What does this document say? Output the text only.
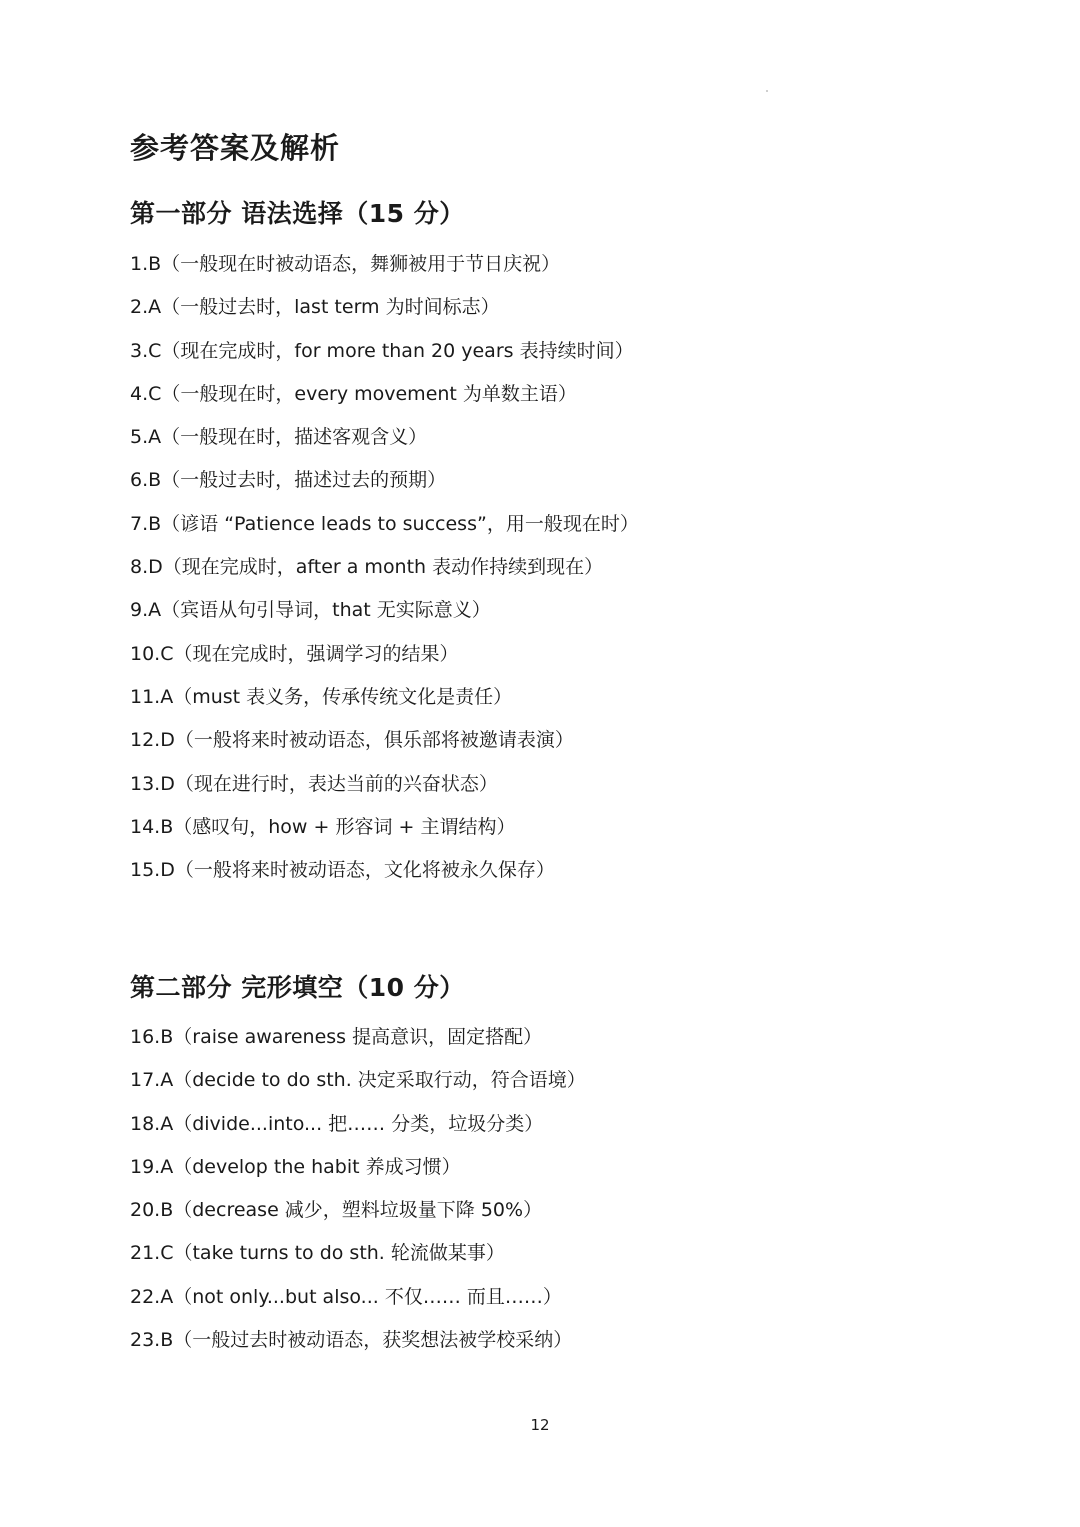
参考答案及解析
第一部分 语法选择（15 分）
1.B（一般现在时被动语态，舞狮被用于节日庆祝）
2.A（一般过去时，last term 为时间标志）
3.C（现在完成时，for more than 20 years 表持续时间）
4.C（一般现在时，every movement 为单数主语）
5.A（一般现在时，描述客观含义）
6.B（一般过去时，描述过去的预期）
7.B（谚语 “Patience leads to success”，用一般现在时）
8.D（现在完成时，after a month 表动作持续到现在）
9.A（宾语从句引导词，that 无实际意义）
10.C（现在完成时，强调学习的结果）
11.A（must 表义务，传承传统文化是责任）
12.D（一般将来时被动语态，俱乐部将被邀请表演）
13.D（现在进行时，表达当前的兴奋状态）
14.B（感叹句，how + 形容词 + 主谓结构）
15.D（一般将来时被动语态，文化将被永久保存）
第二部分 完形填空（10 分）
16.B（raise awareness 提高意识，固定搭配）
17.A（decide to do sth. 决定采取行动，符合语境）
18.A（divide...into... 把…… 分类，垃圾分类）
19.A（develop the habit 养成习惯）
20.B（decrease 减少，塑料垃圾量下降 50%）
21.C（take turns to do sth. 轮流做某事）
22.A（not only...but also... 不仅…… 而且……）
23.B（一般过去时被动语态，获奖想法被学校采纳）
12
